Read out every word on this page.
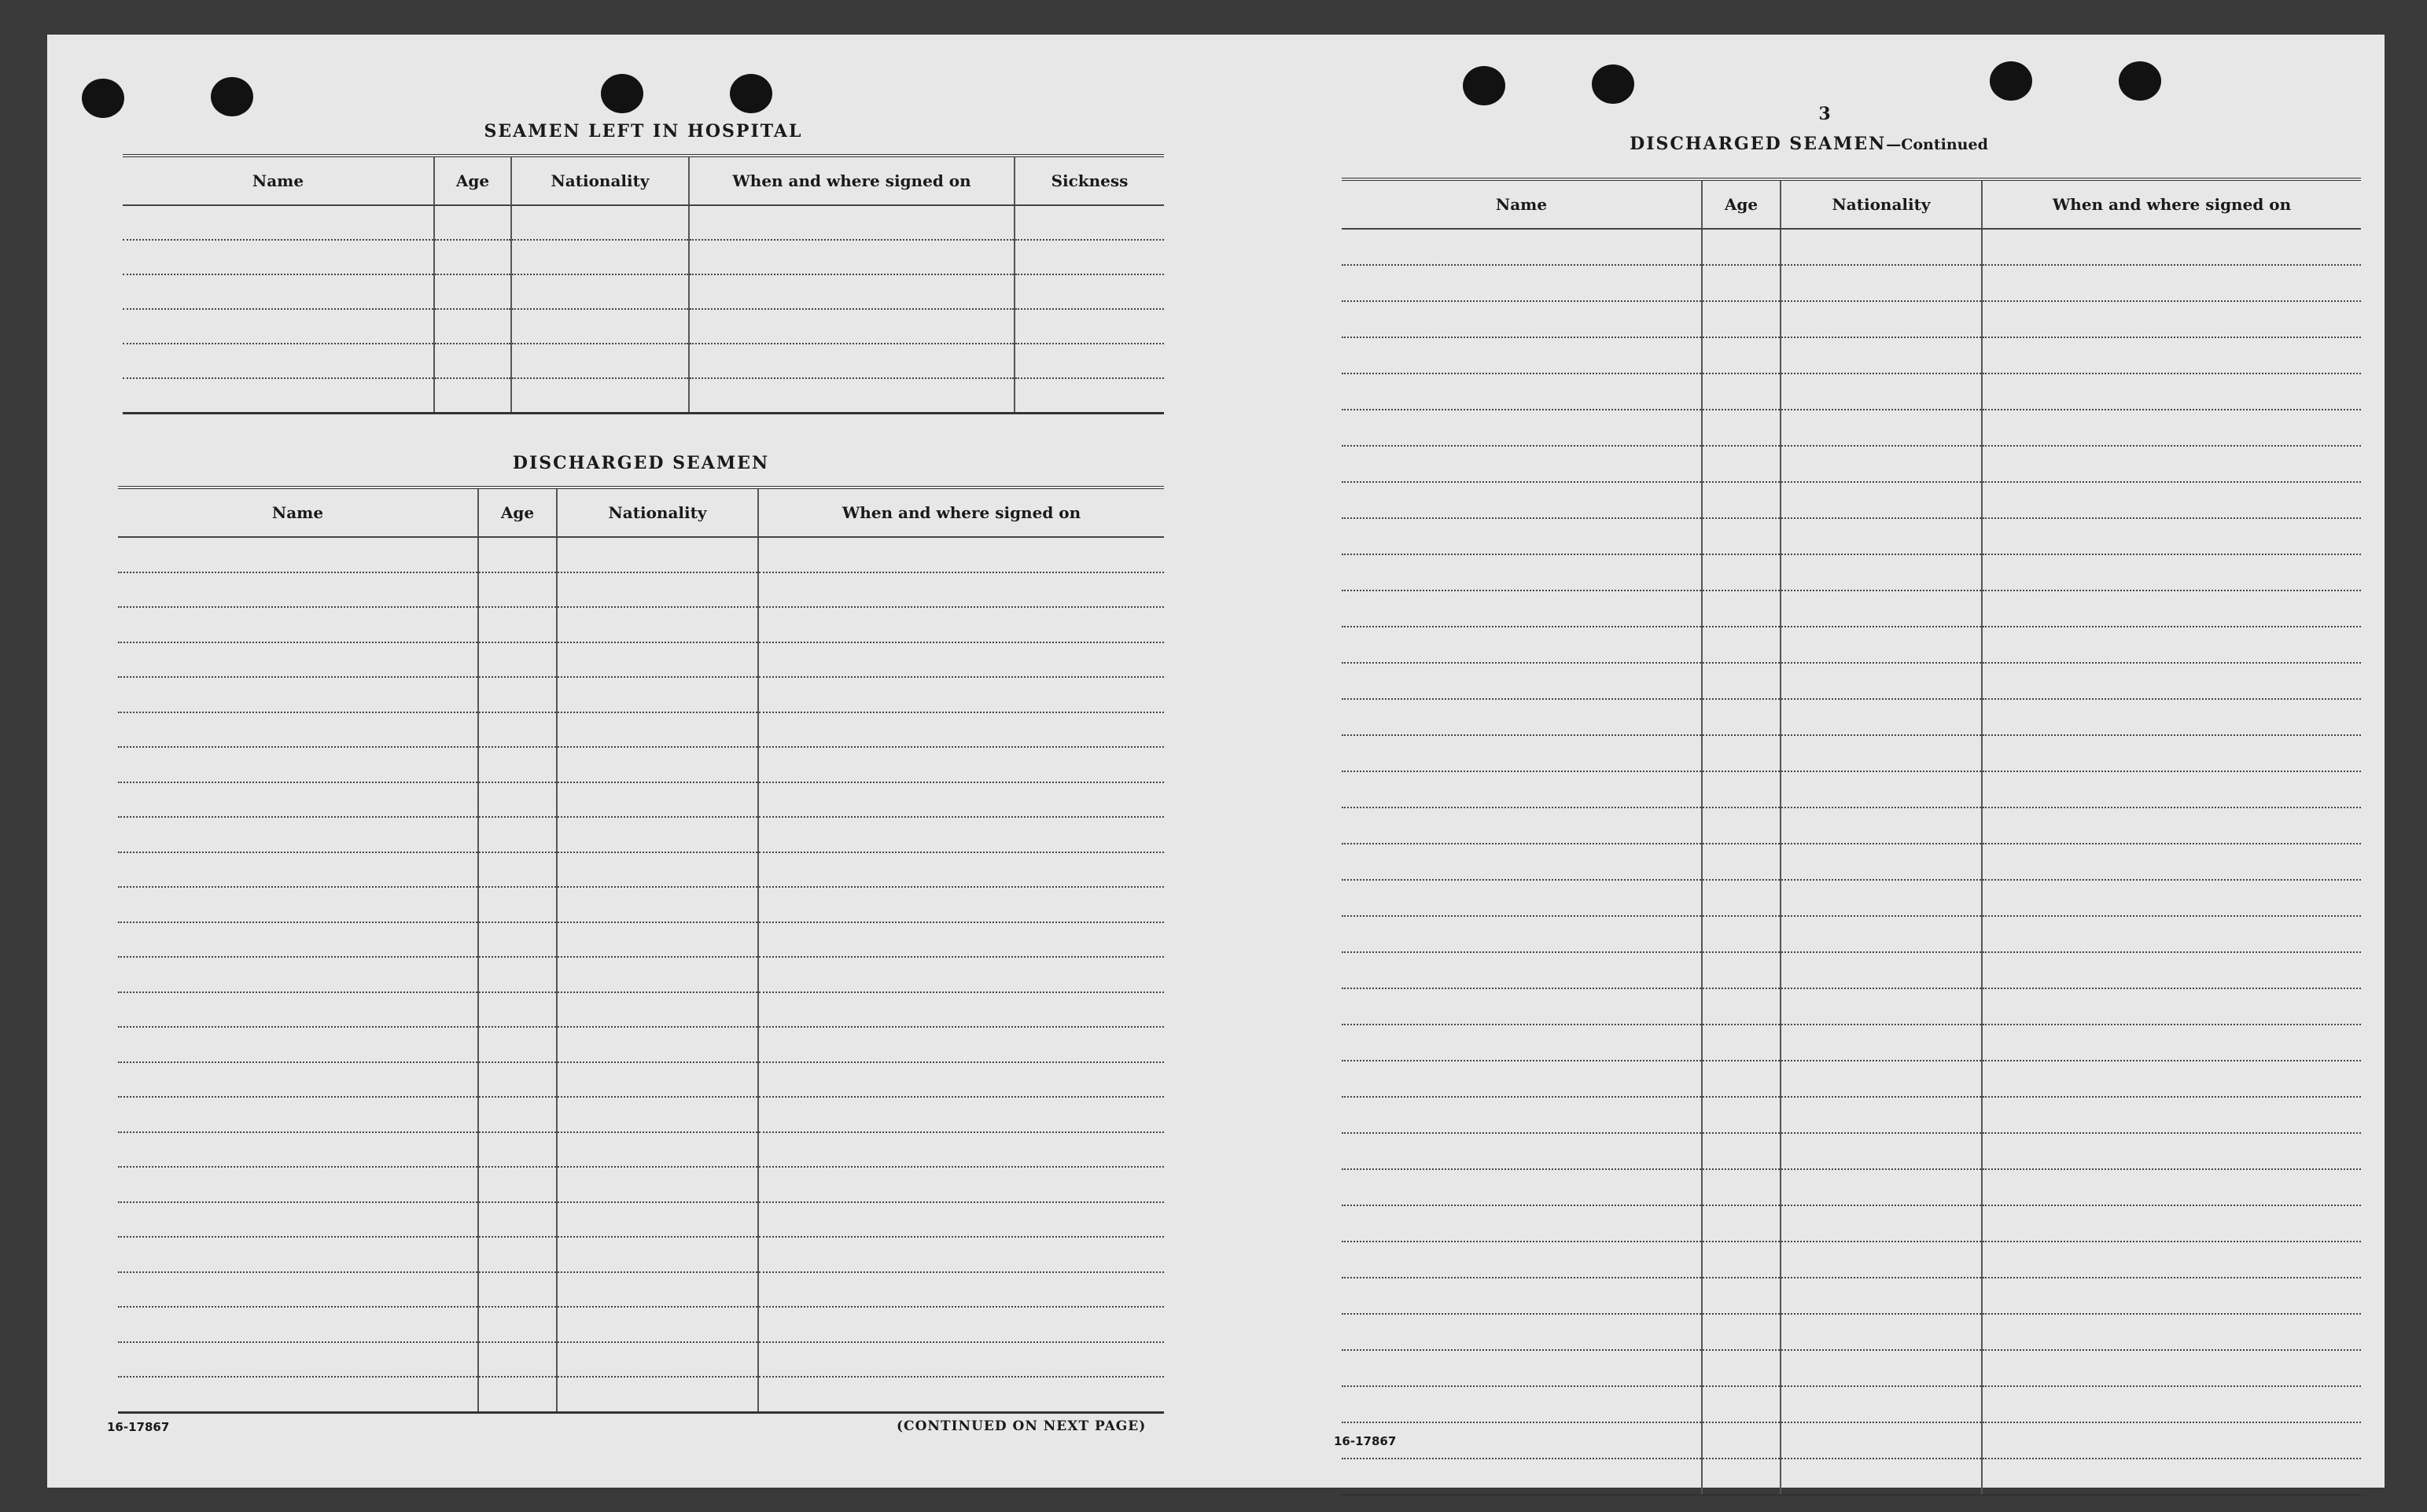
SEAMEN LEFT IN HOSPITAL
Name	Age	Nationality	When and where signed on	Sickness

DISCHARGED SEAMEN
Name	Age	Nationality	When and where signed on

16-17867	(CONTINUED ON NEXT PAGE)
3
DISCHARGED SEAMEN—Continued
Name	Age	Nationality	When and where signed on

16-17867
